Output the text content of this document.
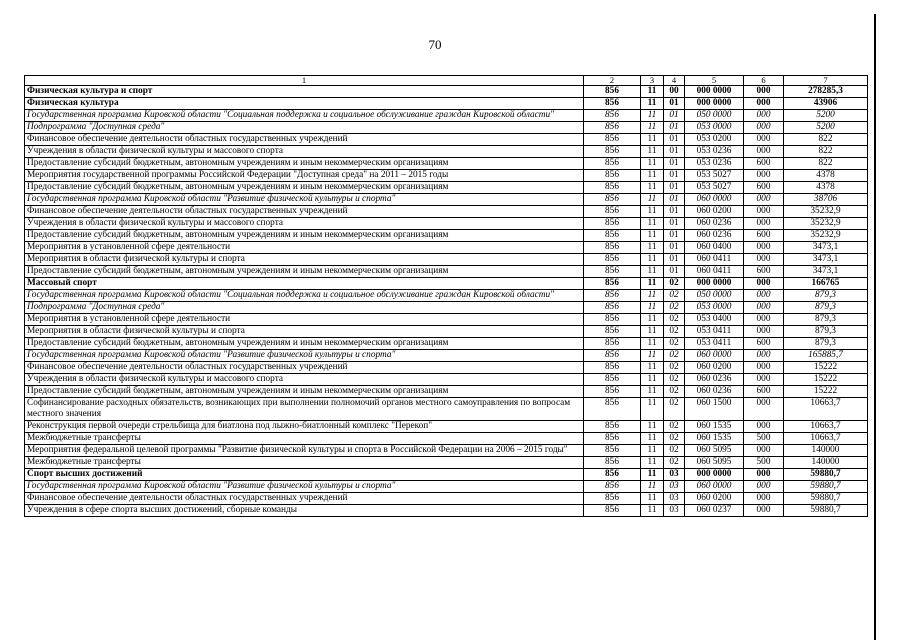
70
1	2	3	4	5	6	7
Физическая культура и спорт	856	11	00	000 0000	000	278285,3
Физическая культура	856	11	01	000 0000	000	43906
Государственная программа Кировской области "Социальная поддержка и социальное обслуживание граждан Кировской области"	856	11	01	050 0000	000	5200
Подпрограмма "Доступная среда"	856	11	01	053 0000	000	5200
Финансовое обеспечение деятельности областных государственных учреждений	856	11	01	053 0200	000	822
Учреждения в области физической культуры и массового спорта	856	11	01	053 0236	000	822
Предоставление субсидий бюджетным, автономным учреждениям и иным некоммерческим организациям	856	11	01	053 0236	600	822
Мероприятия государственной программы Российской Федерации "Доступная среда" на 2011 – 2015 годы	856	11	01	053 5027	000	4378
Предоставление субсидий бюджетным, автономным учреждениям и иным некоммерческим организациям	856	11	01	053 5027	600	4378
Государственная программа Кировской области "Развитие физической культуры и спорта"	856	11	01	060 0000	000	38706
Финансовое обеспечение деятельности областных государственных учреждений	856	11	01	060 0200	000	35232,9
Учреждения в области физической культуры и массового спорта	856	11	01	060 0236	000	35232,9
Предоставление субсидий бюджетным, автономным учреждениям и иным некоммерческим организациям	856	11	01	060 0236	600	35232,9
Мероприятия в установленной сфере деятельности	856	11	01	060 0400	000	3473,1
Мероприятия в области физической культуры и спорта	856	11	01	060 0411	000	3473,1
Предоставление субсидий бюджетным, автономным учреждениям и иным некоммерческим организациям	856	11	01	060 0411	600	3473,1
Массовый спорт	856	11	02	000 0000	000	166765
Государственная программа Кировской области "Социальная поддержка и социальное обслуживание граждан Кировской области"	856	11	02	050 0000	000	879,3
Подпрограмма "Доступная среда"	856	11	02	053 0000	000	879,3
Мероприятия в установленной сфере деятельности	856	11	02	053 0400	000	879,3
Мероприятия в области физической культуры и спорта	856	11	02	053 0411	000	879,3
Предоставление субсидий бюджетным, автономным учреждениям и иным некоммерческим организациям	856	11	02	053 0411	600	879,3
Государственная программа Кировской области "Развитие физической культуры и спорта"	856	11	02	060 0000	000	165885,7
Финансовое обеспечение деятельности областных государственных учреждений	856	11	02	060 0200	000	15222
Учреждения в области физической культуры и массового спорта	856	11	02	060 0236	000	15222
Предоставление субсидий бюджетным, автономным учреждениям и иным некоммерческим организациям	856	11	02	060 0236	600	15222
Софинансирование расходных обязательств, возникающих при выполнении полномочий органов местного самоуправления по вопросам местного значения	856	11	02	060 1500	000	10663,7
Реконструкция первой очереди стрельбища для биатлона под лыжно-биатлонный комплекс "Перекоп"	856	11	02	060 1535	000	10663,7
Межбюджетные трансферты	856	11	02	060 1535	500	10663,7
Мероприятия федеральной целевой программы "Развитие физической культуры и спорта в Российской Федерации на 2006 – 2015 годы"	856	11	02	060 5095	000	140000
Межбюджетные трансферты	856	11	02	060 5095	500	140000
Спорт высших достижений	856	11	03	000 0000	000	59880,7
Государственная программа Кировской области "Развитие физической культуры и спорта"	856	11	03	060 0000	000	59880,7
Финансовое обеспечение деятельности областных государственных учреждений	856	11	03	060 0200	000	59880,7
Учреждения в сфере спорта высших достижений, сборные команды	856	11	03	060 0237	000	59880,7
